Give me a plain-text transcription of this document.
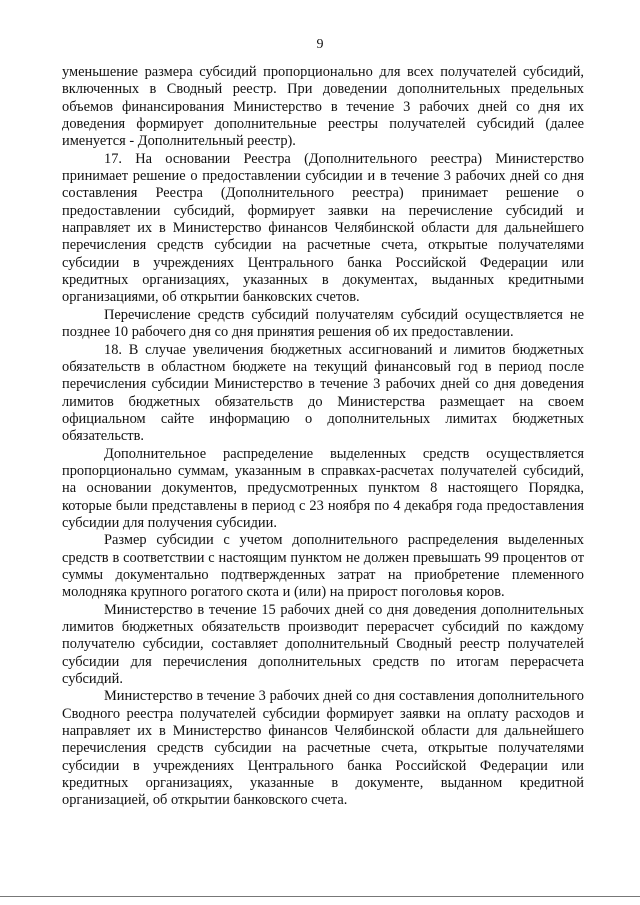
9

уменьшение размера субсидий пропорционально для всех получателей субсидий, включенных в Сводный реестр. При доведении дополнительных предельных объемов финансирования Министерство в течение 3 рабочих дней со дня их доведения формирует дополнительные реестры получателей субсидий (далее именуется - Дополнительный реестр).

17. На основании Реестра (Дополнительного реестра) Министерство принимает решение о предоставлении субсидии и в течение 3 рабочих дней со дня составления Реестра (Дополнительного реестра) принимает решение о предоставлении субсидий, формирует заявки на перечисление субсидий и направляет их в Министерство финансов Челябинской области для дальнейшего перечисления средств субсидии на расчетные счета, открытые получателями субсидии в учреждениях Центрального банка Российской Федерации или кредитных организациях, указанных в документах, выданных кредитными организациями, об открытии банковских счетов.

Перечисление средств субсидий получателям субсидий осуществляется не позднее 10 рабочего дня со дня принятия решения об их предоставлении.

18. В случае увеличения бюджетных ассигнований и лимитов бюджетных обязательств в областном бюджете на текущий финансовый год в период после перечисления субсидии Министерство в течение 3 рабочих дней со дня доведения лимитов бюджетных обязательств до Министерства размещает на своем официальном сайте информацию о дополнительных лимитах бюджетных обязательств.

Дополнительное распределение выделенных средств осуществляется пропорционально суммам, указанным в справках-расчетах получателей субсидий, на основании документов, предусмотренных пунктом 8 настоящего Порядка, которые были представлены в период с 23 ноября по 4 декабря года предоставления субсидии для получения субсидии.

Размер субсидии с учетом дополнительного распределения выделенных средств в соответствии с настоящим пунктом не должен превышать 99 процентов от суммы документально подтвержденных затрат на приобретение племенного молодняка крупного рогатого скота и (или) на прирост поголовья коров.

Министерство в течение 15 рабочих дней со дня доведения дополнительных лимитов бюджетных обязательств производит перерасчет субсидий по каждому получателю субсидии, составляет дополнительный Сводный реестр получателей субсидии для перечисления дополнительных средств по итогам перерасчета субсидий.

Министерство в течение 3 рабочих дней со дня составления дополнительного Сводного реестра получателей субсидии формирует заявки на оплату расходов и направляет их в Министерство финансов Челябинской области для дальнейшего перечисления средств субсидии на расчетные счета, открытые получателями субсидии в учреждениях Центрального банка Российской Федерации или кредитных организациях, указанные в документе, выданном кредитной организацией, об открытии банковского счета.
